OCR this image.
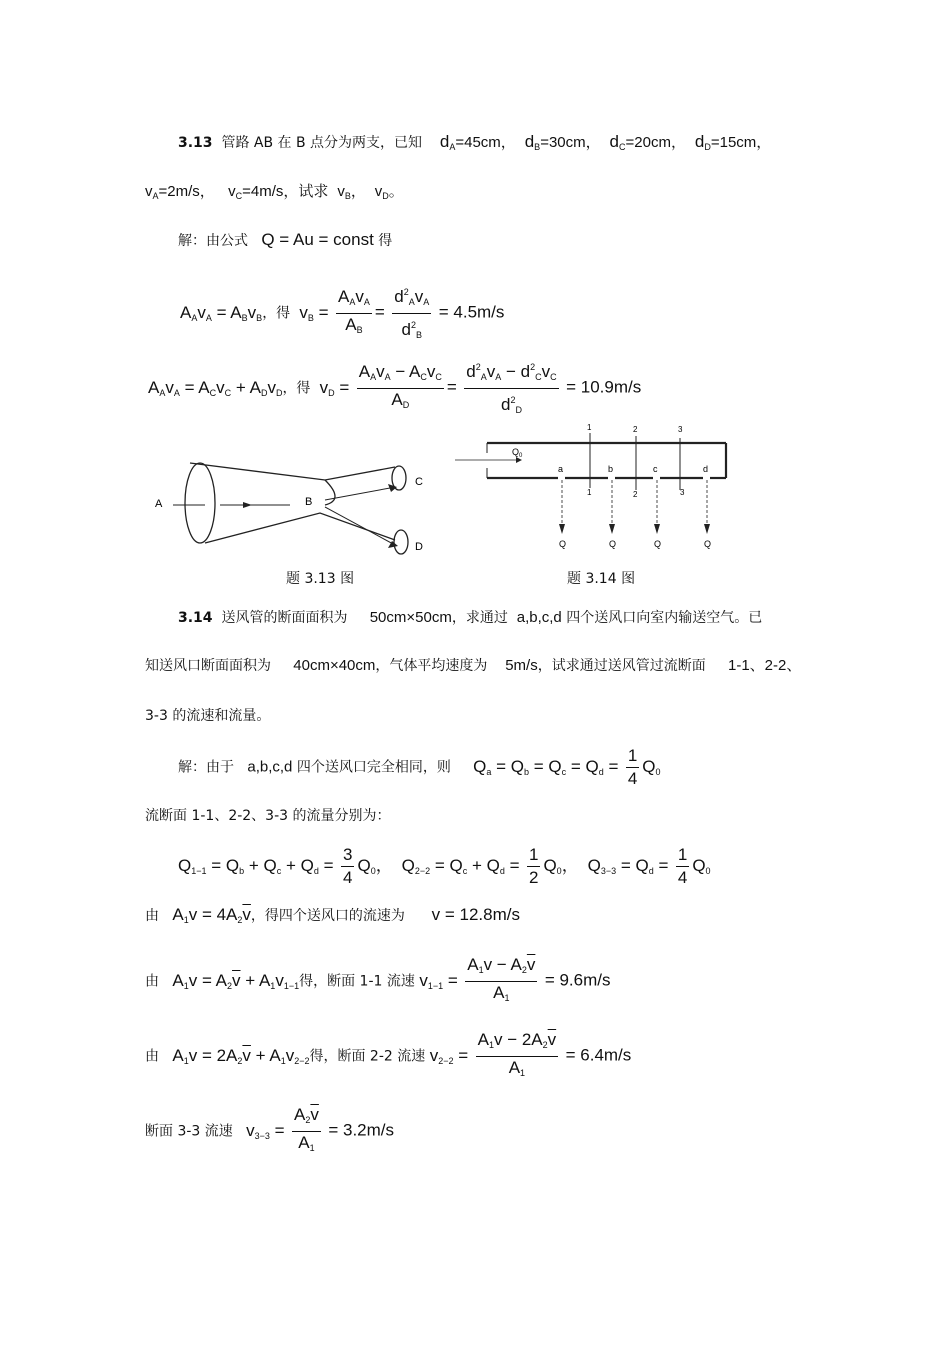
3.13 管路 AB 在 B 点分为两支，已知 $d_A=45cm$， $d_B=30cm$， $d_C=20cm$， $d_D=15cm$，
$v_A=2m/s$， $v_C=4m/s$，试求 $v_B$， $v_D$。
解：由公式 Q = Au = const 得
$A_Av_A = A_Bv_B$，得  $v_B = \frac{A_Av_A}{A_B} = \frac{d^2_Av_A}{d^2_B} = 4.5m/s$
$A_Av_A = A_Cv_C + A_Dv_D$，得  $v_D = \frac{A_Av_A - A_Cv_C}{A_D} = \frac{d^2_Av_A - d^2_Cv_C}{d^2_D} = 10.9m/s$
A	B
C
D
题 3.13 图
$Q_0$
1	2	3
1	2	3
a	b	c	d
Q	Q	Q	Q
题 3.14 图
3.14 送风管的断面面积为 50cm×50cm，求通过 a,b,c,d 四个送风口向室内输送空气。已
知送风口断面面积为 40cm×40cm，气体平均速度为 5m/s，试求通过送风管过流断面 1-1、2-2、
3-3 的流速和流量。
解：由于 a,b,c,d 四个送风口完全相同，则 $Q_a = Q_b = Q_c = Q_d = \frac{1}{4} Q_0$
流断面 1-1、2-2、3-3 的流量分别为：
$Q_{1-1} = Q_b + Q_c + Q_d = \frac{3}{4} Q_0$， $Q_{2-2} = Q_c + Q_d = \frac{1}{2} Q_0$， $Q_{3-3} = Q_d = \frac{1}{4} Q_0$
由 $A_1v = 4A_2\overline{v}$，得四个送风口的流速为 v = 12.8m/s
由 $A_1v = A_2\overline{v} + A_1v_{1-1}$得，断面 1-1 流速 $v_{1-1} = \frac{A_1v - A_2\overline{v}}{A_1} = 9.6m/s$
由 $A_1v = 2A_2\overline{v} + A_1v_{2-2}$得，断面 2-2 流速 $v_{2-2} = \frac{A_1v - 2A_2\overline{v}}{A_1} = 6.4m/s$
断面 3-3 流速 $v_{3-3} = \frac{A_2\overline{v}}{A_1} = 3.2m/s$
